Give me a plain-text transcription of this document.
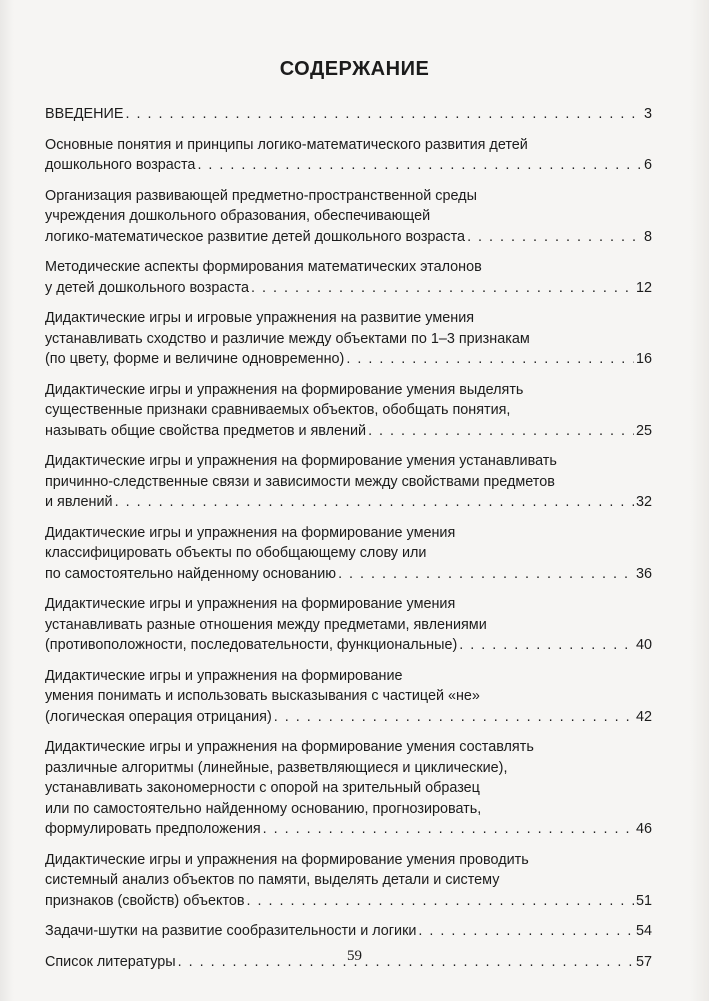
СОДЕРЖАНИЕ
ВВЕДЕНИЕ . . .	3
Основные понятия и принципы логико-математического развития детей
дошкольного возраста . . .	6
Организация развивающей предметно-пространственной среды
учреждения дошкольного образования, обеспечивающей
логико-математическое развитие детей дошкольного возраста . . .	8
Методические аспекты формирования математических эталонов
у детей дошкольного возраста . . .	12
Дидактические игры и игровые упражнения на развитие умения
устанавливать сходство и различие между объектами по 1–3 признакам
(по цвету, форме и величине одновременно) . . .	16
Дидактические игры и упражнения на формирование умения выделять
существенные признаки сравниваемых объектов, обобщать понятия,
называть общие свойства предметов и явлений . . .	25
Дидактические игры и упражнения на формирование умения устанавливать
причинно-следственные связи и зависимости между свойствами предметов
и явлений . . .	32
Дидактические игры и упражнения на формирование умения
классифицировать объекты по обобщающему слову или
по самостоятельно найденному основанию . . .	36
Дидактические игры и упражнения на формирование умения
устанавливать разные отношения между предметами, явлениями
(противоположности, последовательности, функциональные) . . .	40
Дидактические игры и упражнения на формирование
умения понимать и использовать высказывания с частицей «не»
(логическая операция отрицания) . . .	42
Дидактические игры и упражнения на формирование умения составлять
различные алгоритмы (линейные, разветвляющиеся и циклические),
устанавливать закономерности с опорой на зрительный образец
или по самостоятельно найденному основанию, прогнозировать,
формулировать предположения . . .	46
Дидактические игры и упражнения на формирование умения проводить
системный анализ объектов по памяти, выделять детали и систему
признаков (свойств) объектов . . .	51
Задачи-шутки на развитие сообразительности и логики . . .	54
Список литературы . . .	57
59
